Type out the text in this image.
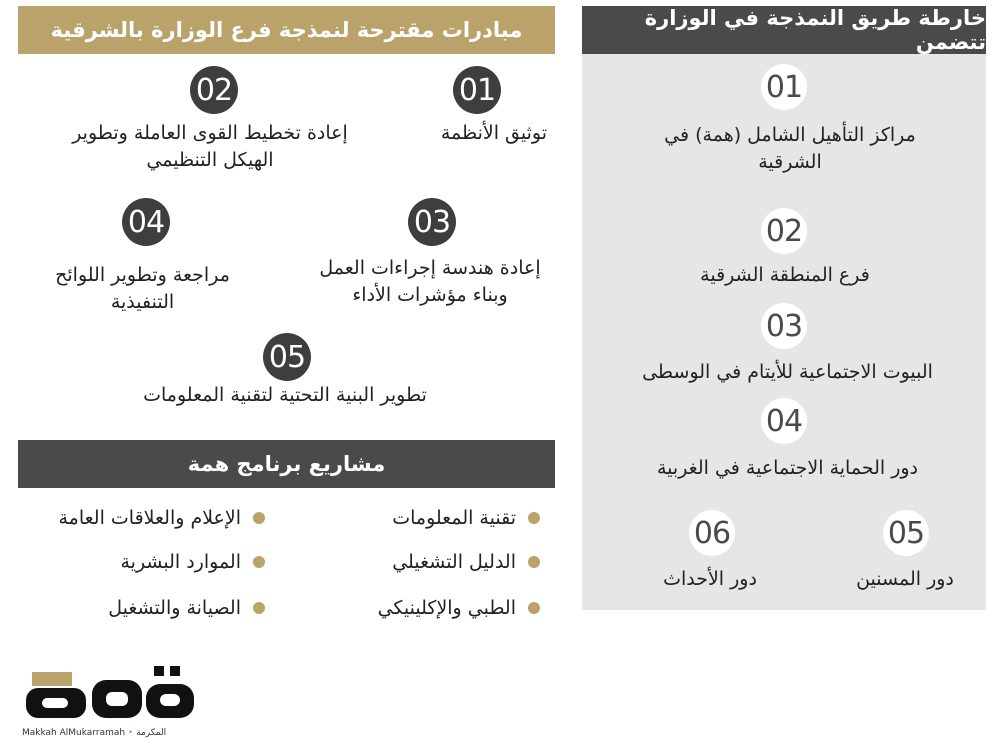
مبادرات مقترحة لنمذجة فرع الوزارة بالشرقية	خارطة طريق النمذجة في الوزارة تتضمن
01
توثيق الأنظمة
02
إعادة تخطيط القوى العاملة وتطوير الهيكل التنظيمي
03
إعادة هندسة إجراءات العمل وبناء مؤشرات الأداء
04
مراجعة وتطوير اللوائح التنفيذية
05
تطوير البنية التحتية لتقنية المعلومات
مشاريع برنامج همة
تقنية المعلومات
الدليل التشغيلي
الطبي والإكلينيكي
الإعلام والعلاقات العامة
الموارد البشرية
الصيانة والتشغيل
01
مراكز التأهيل الشامل (همة) في الشرقية
02
فرع المنطقة الشرقية
03
البيوت الاجتماعية للأيتام في الوسطى
04
دور الحماية الاجتماعية في الغربية
05
دور المسنين
06
دور الأحداث
Makkah AlMukarramah • المكرمة
